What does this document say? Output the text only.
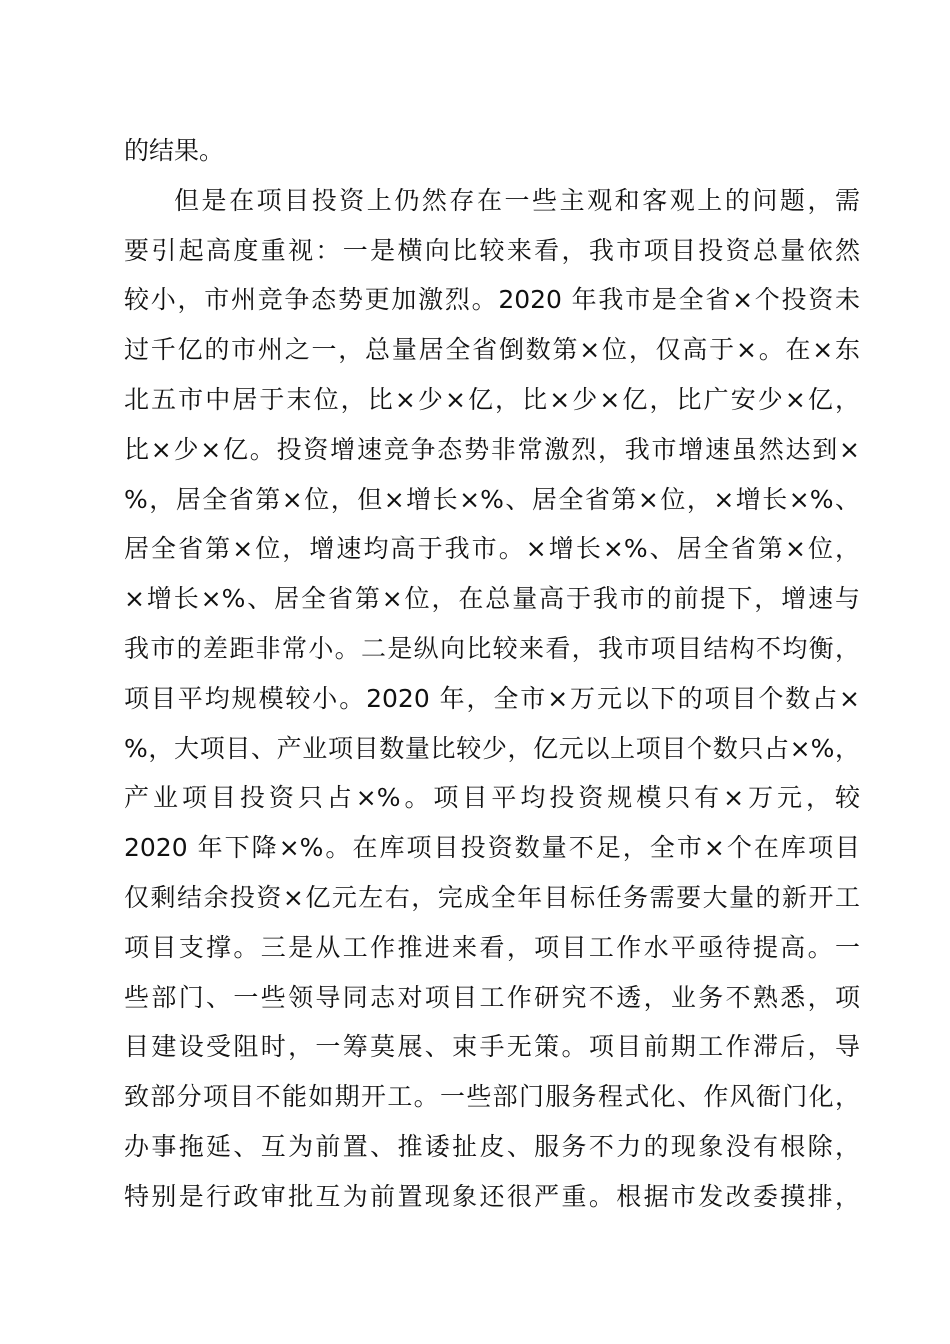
的结果。
但是在项目投资上仍然存在一些主观和客观上的问题，需
要引起高度重视：一是横向比较来看，我市项目投资总量依然
较小，市州竞争态势更加激烈。2020 年我市是全省×个投资未
过千亿的市州之一，总量居全省倒数第×位，仅高于×。在×东
北五市中居于末位，比×少×亿，比×少×亿，比广安少×亿，
比×少×亿。投资增速竞争态势非常激烈，我市增速虽然达到×
%，居全省第×位，但×增长×%、居全省第×位，×增长×%、
居全省第×位，增速均高于我市。×增长×%、居全省第×位，
×增长×%、居全省第×位，在总量高于我市的前提下，增速与
我市的差距非常小。二是纵向比较来看，我市项目结构不均衡，
项目平均规模较小。2020 年，全市×万元以下的项目个数占×
%，大项目、产业项目数量比较少，亿元以上项目个数只占×%，
产业项目投资只占×%。项目平均投资规模只有×万元，较
2020 年下降×%。在库项目投资数量不足，全市×个在库项目
仅剩结余投资×亿元左右，完成全年目标任务需要大量的新开工
项目支撑。三是从工作推进来看，项目工作水平亟待提高。一
些部门、一些领导同志对项目工作研究不透，业务不熟悉，项
目建设受阻时，一筹莫展、束手无策。项目前期工作滞后，导
致部分项目不能如期开工。一些部门服务程式化、作风衙门化，
办事拖延、互为前置、推诿扯皮、服务不力的现象没有根除，
特别是行政审批互为前置现象还很严重。根据市发改委摸排，
